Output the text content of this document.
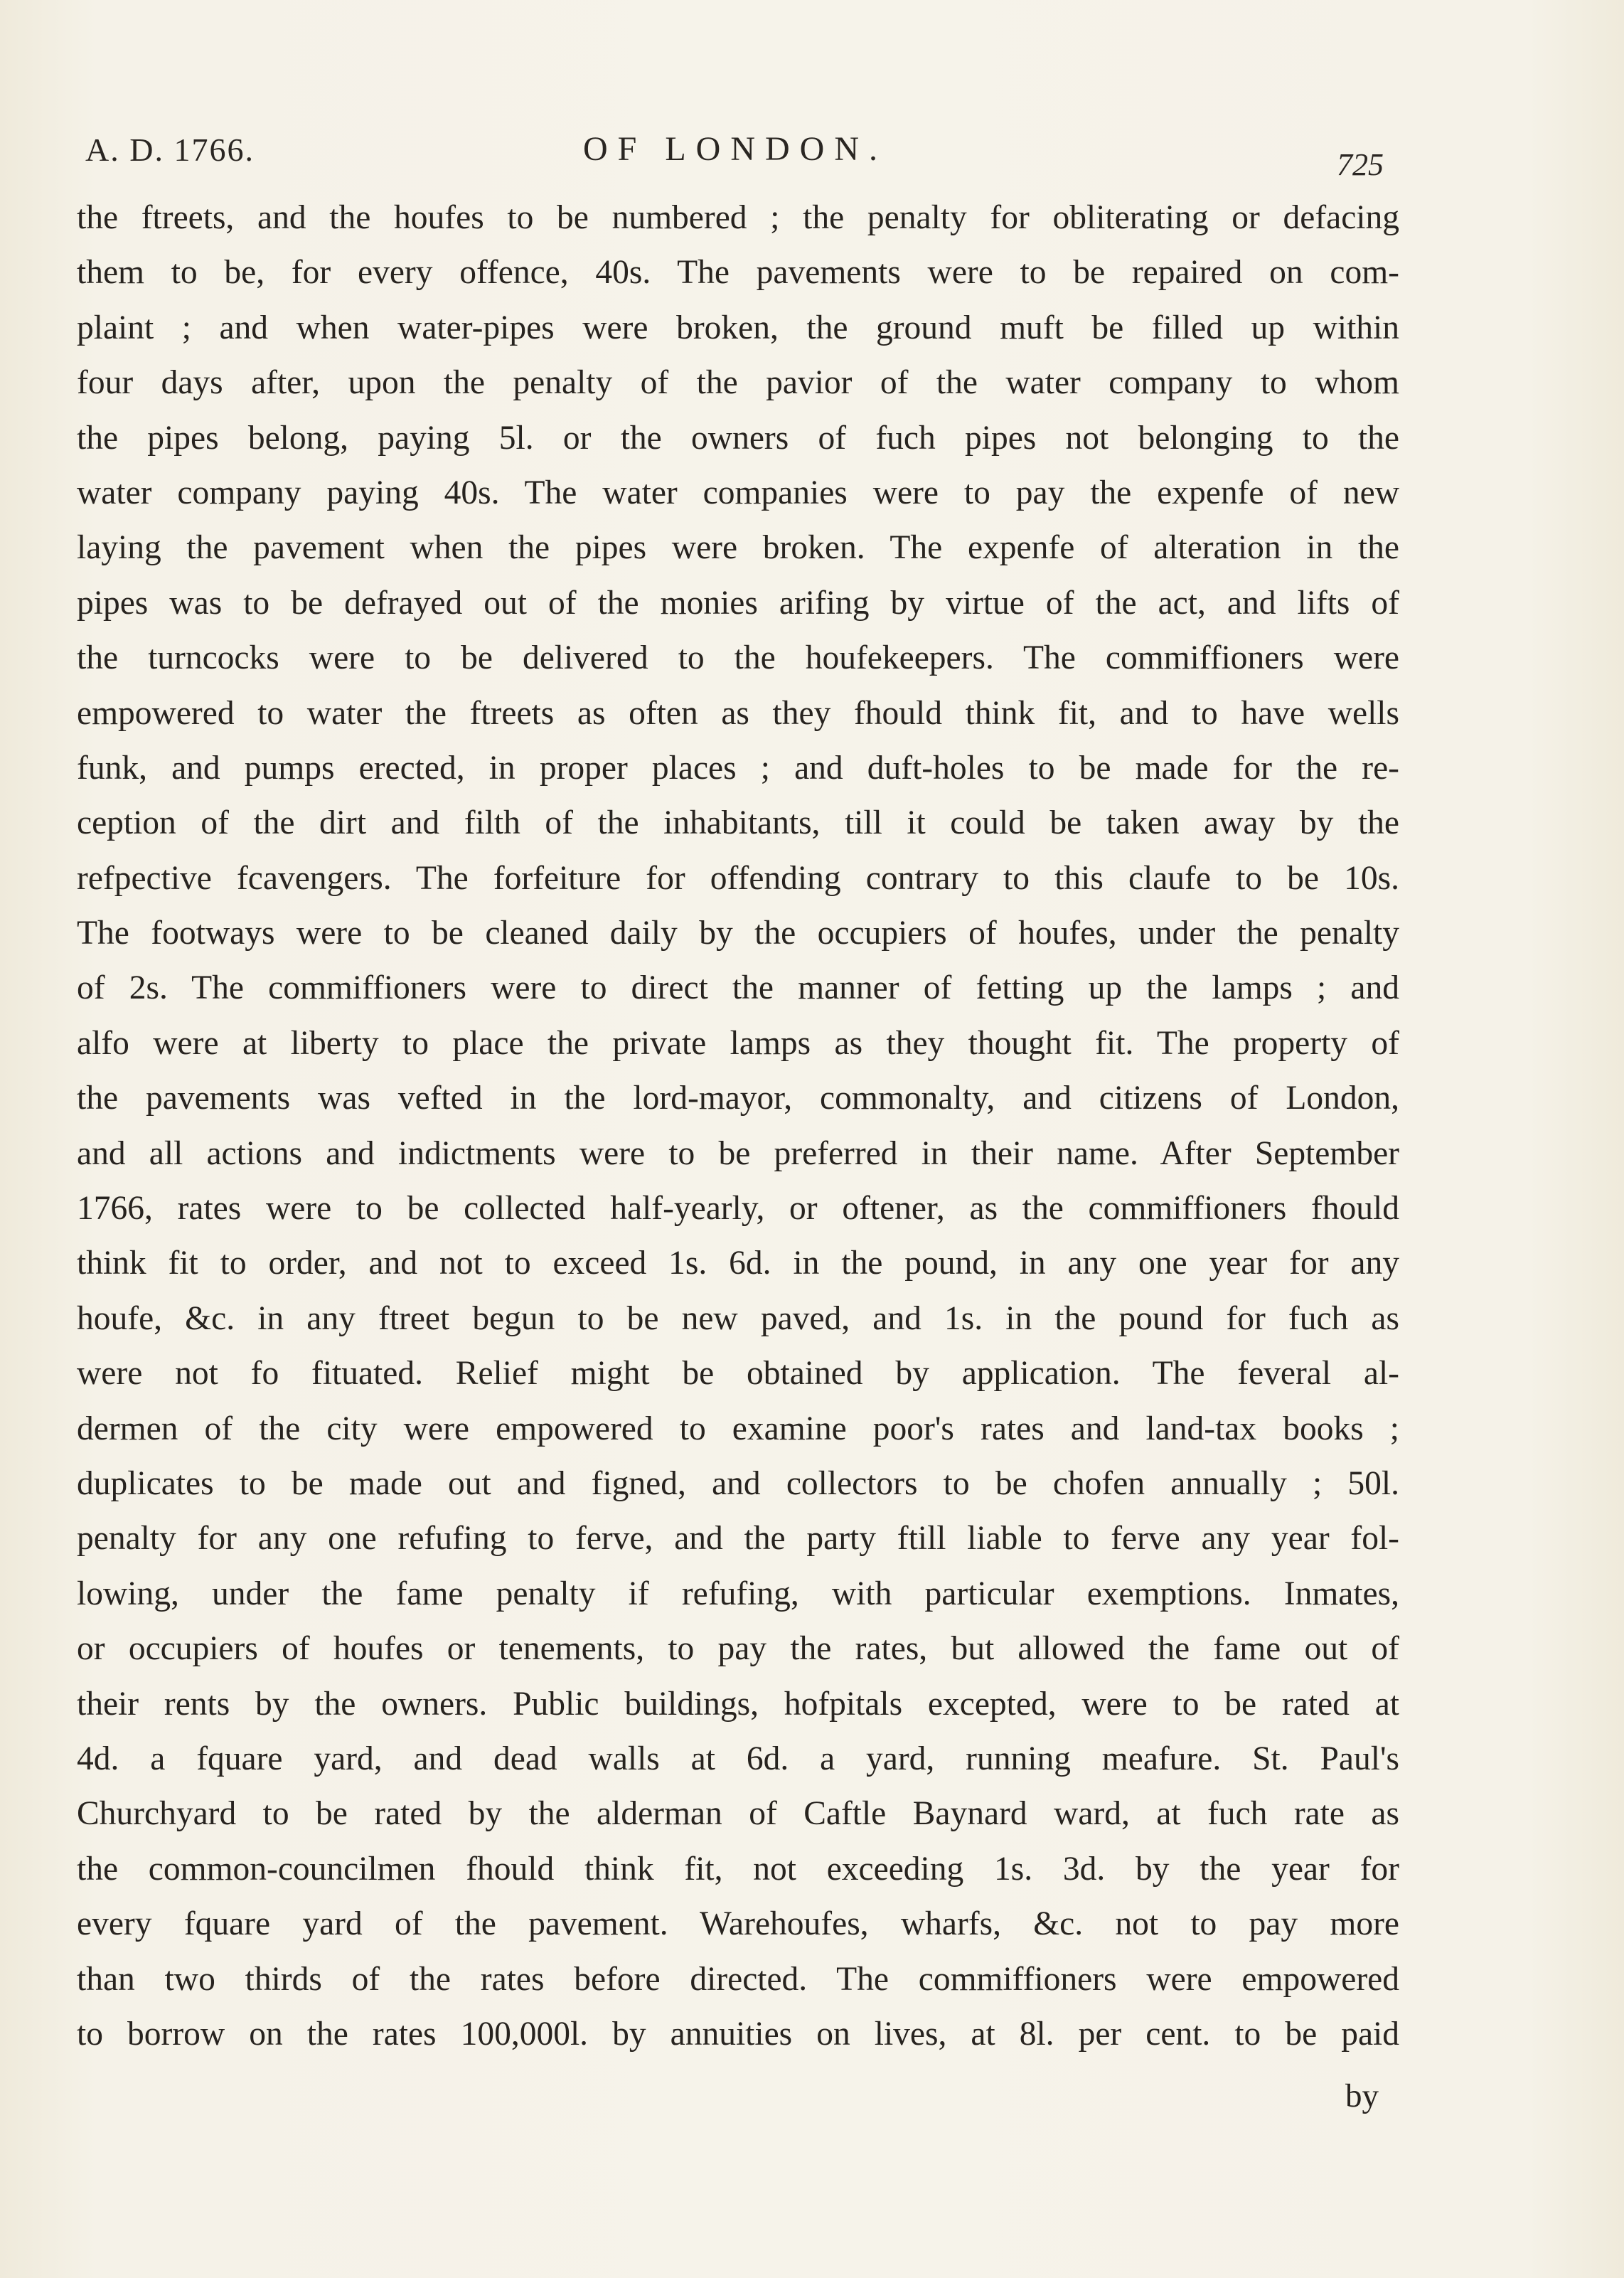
A. D. 1766.	OF LONDON.	725
the ftreets, and the houfes to be numbered ; the penalty for obliterating or defacing
them to be, for every offence, 40s. The pavements were to be repaired on com-
plaint ; and when water-pipes were broken, the ground muft be filled up within
four days after, upon the penalty of the pavior of the water company to whom
the pipes belong, paying 5l. or the owners of fuch pipes not belonging to the
water company paying 40s. The water companies were to pay the expenfe of new
laying the pavement when the pipes were broken. The expenfe of alteration in the
pipes was to be defrayed out of the monies arifing by virtue of the act, and lifts of
the turncocks were to be delivered to the houfekeepers. The commiffioners were
empowered to water the ftreets as often as they fhould think fit, and to have wells
funk, and pumps erected, in proper places ; and duft-holes to be made for the re-
ception of the dirt and filth of the inhabitants, till it could be taken away by the
refpective fcavengers. The forfeiture for offending contrary to this claufe to be 10s.
The footways were to be cleaned daily by the occupiers of houfes, under the penalty
of 2s. The commiffioners were to direct the manner of fetting up the lamps ; and
alfo were at liberty to place the private lamps as they thought fit. The property of
the pavements was vefted in the lord-mayor, commonalty, and citizens of London,
and all actions and indictments were to be preferred in their name. After September
1766, rates were to be collected half-yearly, or oftener, as the commiffioners fhould
think fit to order, and not to exceed 1s. 6d. in the pound, in any one year for any
houfe, &c. in any ftreet begun to be new paved, and 1s. in the pound for fuch as
were not fo fituated. Relief might be obtained by application. The feveral al-
dermen of the city were empowered to examine poor's rates and land-tax books ;
duplicates to be made out and figned, and collectors to be chofen annually ; 50l.
penalty for any one refufing to ferve, and the party ftill liable to ferve any year fol-
lowing, under the fame penalty if refufing, with particular exemptions. Inmates,
or occupiers of houfes or tenements, to pay the rates, but allowed the fame out of
their rents by the owners. Public buildings, hofpitals excepted, were to be rated at
4d. a fquare yard, and dead walls at 6d. a yard, running meafure. St. Paul's
Churchyard to be rated by the alderman of Caftle Baynard ward, at fuch rate as
the common-councilmen fhould think fit, not exceeding 1s. 3d. by the year for
every fquare yard of the pavement. Warehoufes, wharfs, &c. not to pay more
than two thirds of the rates before directed. The commiffioners were empowered
to borrow on the rates 100,000l. by annuities on lives, at 8l. per cent. to be paid
by
